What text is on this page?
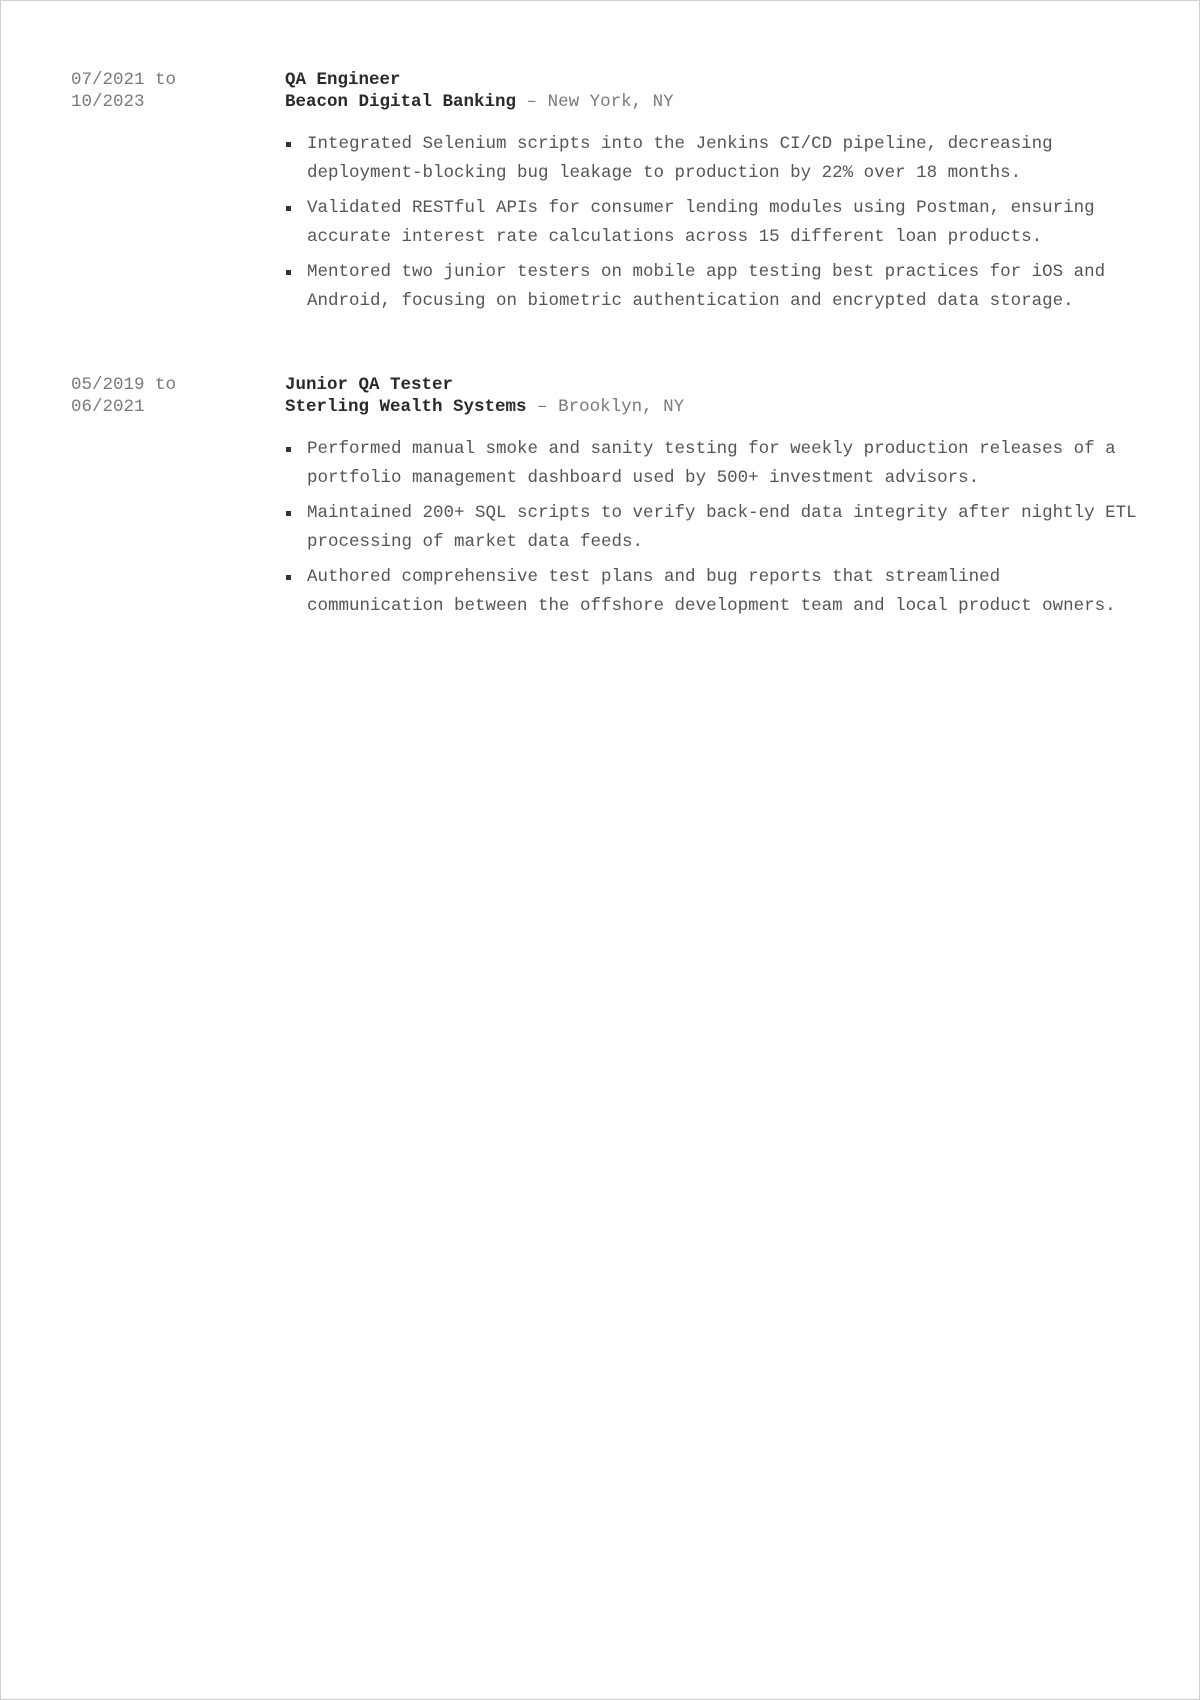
07/2021 to
10/2023
QA Engineer
Beacon Digital Banking – New York, NY
Integrated Selenium scripts into the Jenkins CI/CD pipeline, decreasing deployment-blocking bug leakage to production by 22% over 18 months.
Validated RESTful APIs for consumer lending modules using Postman, ensuring accurate interest rate calculations across 15 different loan products.
Mentored two junior testers on mobile app testing best practices for iOS and Android, focusing on biometric authentication and encrypted data storage.
05/2019 to
06/2021
Junior QA Tester
Sterling Wealth Systems – Brooklyn, NY
Performed manual smoke and sanity testing for weekly production releases of a portfolio management dashboard used by 500+ investment advisors.
Maintained 200+ SQL scripts to verify back-end data integrity after nightly ETL processing of market data feeds.
Authored comprehensive test plans and bug reports that streamlined communication between the offshore development team and local product owners.
